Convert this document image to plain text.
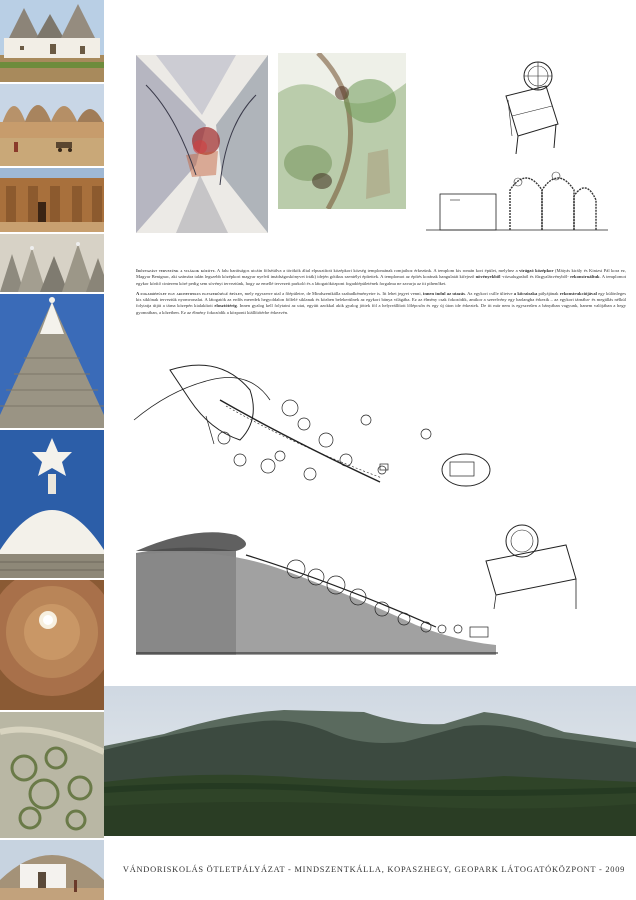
Időutazást tervezünk a világok között. A falu barátságos utcáin fölsétálva a törökök által elpusztított középkori község templomának romjaihoz érkezünk. A templom kis román kori épület, melyhez a virágzó középkor (Mátyás király és Kinizsi Pál kora ez, Magyar Benignac, aki számára talán legszebb középkori magyar nyelvű imádságoskönyvet írták) idején gótikus szentélyt építettek. A templomot az építés korának hangulatát kifejező növényekből -rózsalugasból és fűzgyalásvényből- rekonstruáltuk. A templomot egykor körítő cinterem köré pedig sem sövényt terveztünk, hogy az emellé tervezett parkoló és a látogatóközpont fogadóépületének forgalma ne zavarja az itt pihenőket.

A fogadóépület egy archetipikus egyszerűségű épület, mely egyszerre utal a főépületre, de Mindszentkálla szabadkéményeire is. Itt lehet jegyet venni, innen indul az utazás. Az egykori csille ültetve a kőcsúszka pályájának rekonstrukciójával egy különleges kis siklónak terveztük nyomvonalat. A látogatók az erdős meredek hegyoldalon fölfelé siklanak és közben belekerülnek az egykori bánya világába. Ez az élmény csak fokozódik, amikor a szerelvény egy barlangba érkezik – az egykori tárnába- és megállás nélkül folytatja útját a tárna közepén kialakított elosztótérig. Innen gyalog kell folytatni az utat, egyútt azokkal akik gyalog jöttek föl a helyreállított lőlépcsőn és egy új úton ide érkeztek. De itt már nem is egyszerűen a bányában vagyunk, hanem valójában a hegy gyomrában, a kőzetben. Ez az élmény fokozódik a központi kiállítótérbe érkezvén.

VÁNDORISKOLÁS ÖTLETPÁLYÁZAT - MINDSZENTKÁLLA, KOPASZHEGY, GEOPARK LÁTOGATÓKÖZPONT - 2009
